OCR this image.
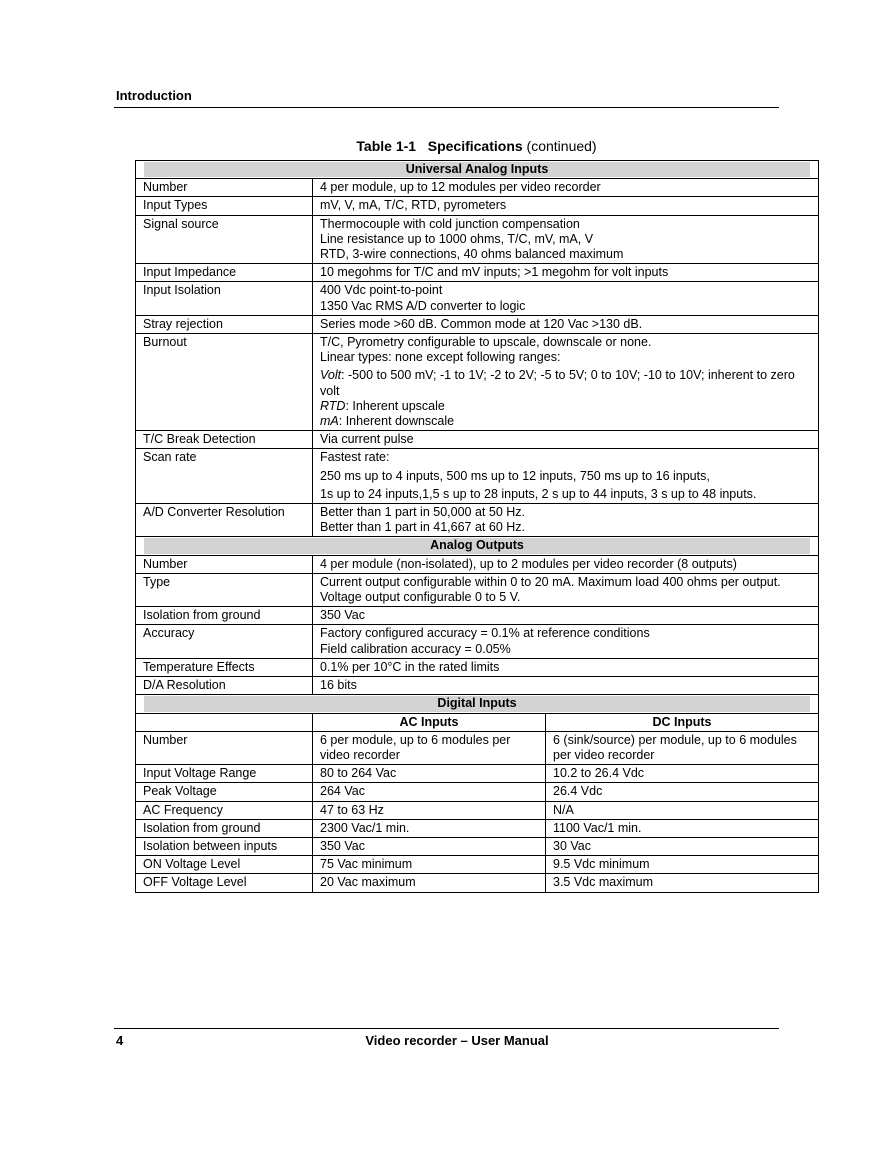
Introduction
Table 1-1 Specifications (continued)
Universal Analog Inputs		

Number	4 per module, up to 12 modules per video recorder	
Input Types	mV, V, mA, T/C, RTD, pyrometers	
Signal source	Thermocouple with cold junction compensation
Line resistance up to 1000 ohms, T/C, mV, mA, V
RTD, 3-wire connections, 40 ohms balanced maximum	

Input Impedance	10 megohms for T/C and mV inputs; >1 megohm for volt inputs	
Input Isolation	400 Vdc point-to-point
1350 Vac RMS A/D converter to logic	

Stray rejection	Series mode >60 dB. Common mode at 120 Vac >130 dB.	
Burnout	T/C, Pyrometry configurable to upscale, downscale or none.
Linear types: none except following ranges:
Volt: -500 to 500 mV; -1 to 1V; -2 to 2V; -5 to 5V; 0 to 10V; -10 to 10V; inherent to zero volt
RTD: Inherent upscale
mA: Inherent downscale	

T/C Break Detection	Via current pulse	
Scan rate	Fastest rate:
250 ms up to 4 inputs, 500 ms up to 12 inputs, 750 ms up to 16 inputs,
1s up to 24 inputs,1,5 s up to 28 inputs, 2 s up to 44 inputs, 3 s up to 48 inputs.	

A/D Converter Resolution	Better than 1 part in 50,000 at 50 Hz.
Better than 1 part in 41,667 at 60 Hz.	

Analog Outputs		

Number	4 per module (non-isolated), up to 2 modules per video recorder (8 outputs)	
Type	Current output configurable within 0 to 20 mA. Maximum load 400 ohms per output.
Voltage output configurable 0 to 5 V.	

Isolation from ground	350 Vac	
Accuracy	Factory configured accuracy = 0.1% at reference conditions
Field calibration accuracy = 0.05%	

Temperature Effects	0.1% per 10°C in the rated limits	
D/A Resolution	16 bits	

Digital Inputs		

	AC Inputs	DC Inputs
Number	6 per module, up to 6 modules per video recorder	6 (sink/source) per module, up to 6 modules per video recorder
Input Voltage Range	80 to 264 Vac	10.2 to 26.4 Vdc
Peak Voltage	264 Vac	26.4 Vdc
AC Frequency	47 to 63 Hz	N/A
Isolation from ground	2300 Vac/1 min.	1100 Vac/1 min.
Isolation between inputs	350 Vac	30 Vac
ON Voltage Level	75 Vac minimum	9.5 Vdc minimum
OFF Voltage Level	20 Vac maximum	3.5 Vdc maximum
4	Video recorder – User Manual
